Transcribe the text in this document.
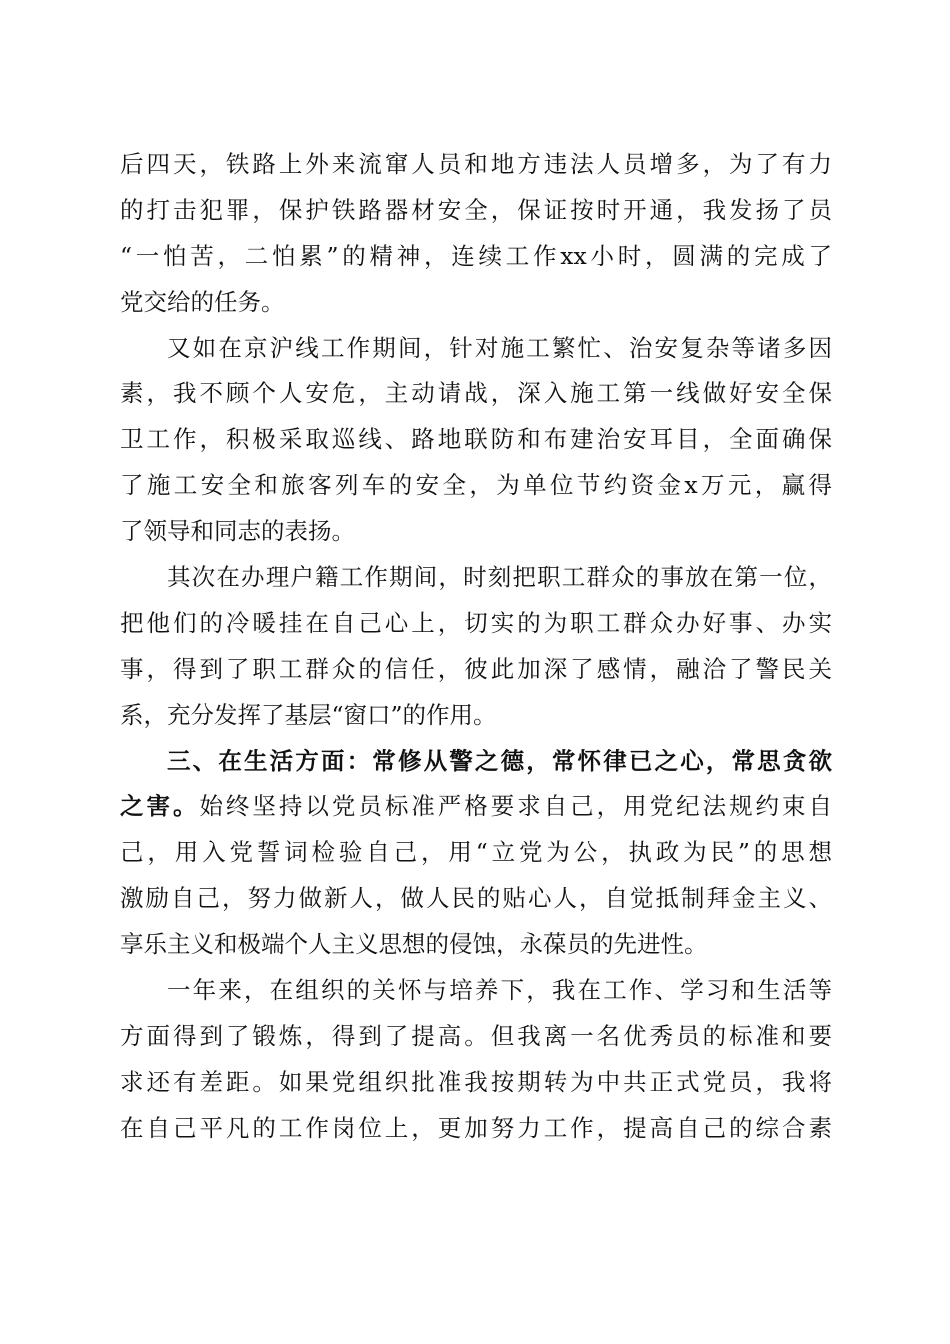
后四天，铁路上外来流窜人员和地方违法人员增多，为了有力
的打击犯罪，保护铁路器材安全，保证按时开通，我发扬了员
“一怕苦，二怕累”的精神，连续工作xx小时，圆满的完成了
党交给的任务。
又如在京沪线工作期间，针对施工繁忙、治安复杂等诸多因
素，我不顾个人安危，主动请战，深入施工第一线做好安全保
卫工作，积极采取巡线、路地联防和布建治安耳目，全面确保
了施工安全和旅客列车的安全，为单位节约资金x万元，赢得
了领导和同志的表扬。
其次在办理户籍工作期间，时刻把职工群众的事放在第一位，
把他们的冷暖挂在自己心上，切实的为职工群众办好事、办实
事，得到了职工群众的信任，彼此加深了感情，融洽了警民关
系，充分发挥了基层“窗口”的作用。
三、在生活方面：常修从警之德，常怀律已之心，常思贪欲
之害。始终坚持以党员标准严格要求自己，用党纪法规约束自
己，用入党誓词检验自己，用“立党为公，执政为民”的思想
激励自己，努力做新人，做人民的贴心人，自觉抵制拜金主义、
享乐主义和极端个人主义思想的侵蚀，永葆员的先进性。
一年来，在组织的关怀与培养下，我在工作、学习和生活等
方面得到了锻炼，得到了提高。但我离一名优秀员的标准和要
求还有差距。如果党组织批准我按期转为中共正式党员，我将
在自己平凡的工作岗位上，更加努力工作，提高自己的综合素
